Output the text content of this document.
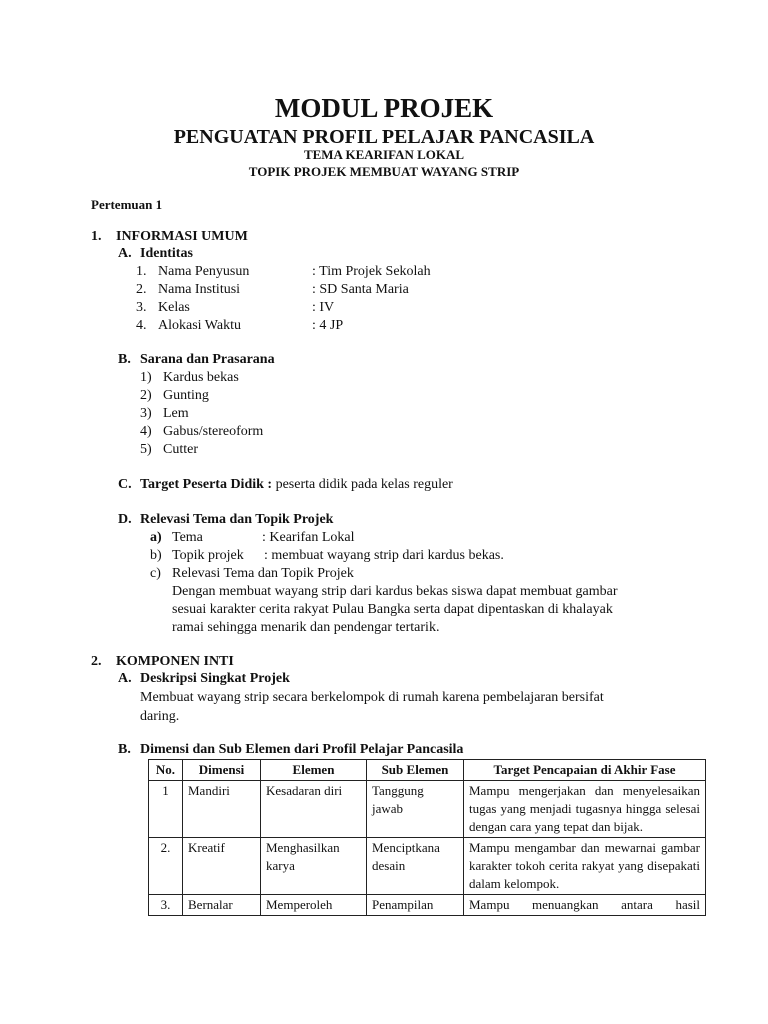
MODUL PROJEK
PENGUATAN PROFIL PELAJAR PANCASILA
TEMA KEARIFAN LOKAL
TOPIK PROJEK MEMBUAT WAYANG STRIP
Pertemuan 1
1. INFORMASI UMUM
A. Identitas
1. Nama Penyusun	: Tim Projek Sekolah
2. Nama Institusi	: SD Santa Maria
3. Kelas	: IV
4. Alokasi Waktu	: 4 JP
B. Sarana dan Prasarana
1) Kardus bekas
2) Gunting
3) Lem
4) Gabus/stereoform
5) Cutter
C. Target Peserta Didik : peserta didik pada kelas reguler
D. Relevasi Tema dan Topik Projek
a) Tema	: Kearifan Lokal
b) Topik projek : membuat wayang strip dari kardus bekas.
c) Relevasi Tema dan Topik Projek
Dengan membuat wayang strip dari kardus bekas siswa dapat membuat gambar
sesuai karakter cerita rakyat Pulau Bangka serta dapat dipentaskan di khalayak
ramai sehingga menarik dan pendengar tertarik.
2. KOMPONEN INTI
A. Deskripsi Singkat Projek
Membuat wayang strip secara berkelompok di rumah karena pembelajaran bersifat
daring.
B. Dimensi dan Sub Elemen dari Profil Pelajar Pancasila
No.	Dimensi	Elemen	Sub Elemen	Target Pencapaian di Akhir Fase
1	Mandiri	Kesadaran diri	Tanggung jawab	Mampu mengerjakan dan menyelesaikan tugas yang menjadi tugasnya hingga selesai dengan cara yang tepat dan bijak.
2.	Kreatif	Menghasilkan karya	Menciptkana desain	Mampu mengambar dan mewarnai gambar karakter tokoh cerita rakyat yang disepakati dalam kelompok.
3.	Bernalar	Memperoleh	Penampilan	Mampu menuangkan antara hasil
